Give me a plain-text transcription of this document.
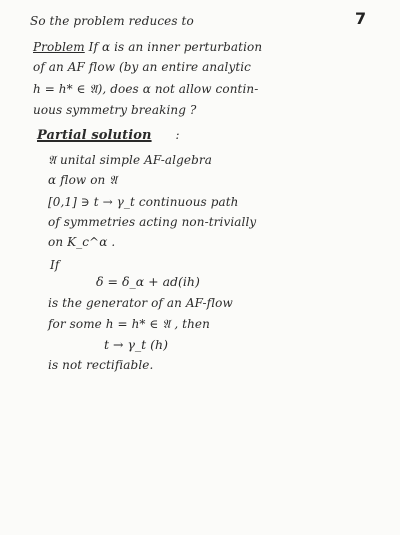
7
So the problem reduces to
Problem If α is an inner perturbation
of an AF flow (by an entire analytic
h = h* ∈ 𝔄), does α not allow contin-
uous symmetry breaking ?
Partial solution :
𝔄 unital simple AF-algebra
α flow on 𝔄
[0,1] ∋ t → γ_t continuous path
of symmetries acting non-trivially
on K_c^α .
If
δ = δ_α + ad(ih)
is the generator of an AF-flow
for some h = h* ∈ 𝔄 , then
t → γ_t (h)
is not rectifiable.
